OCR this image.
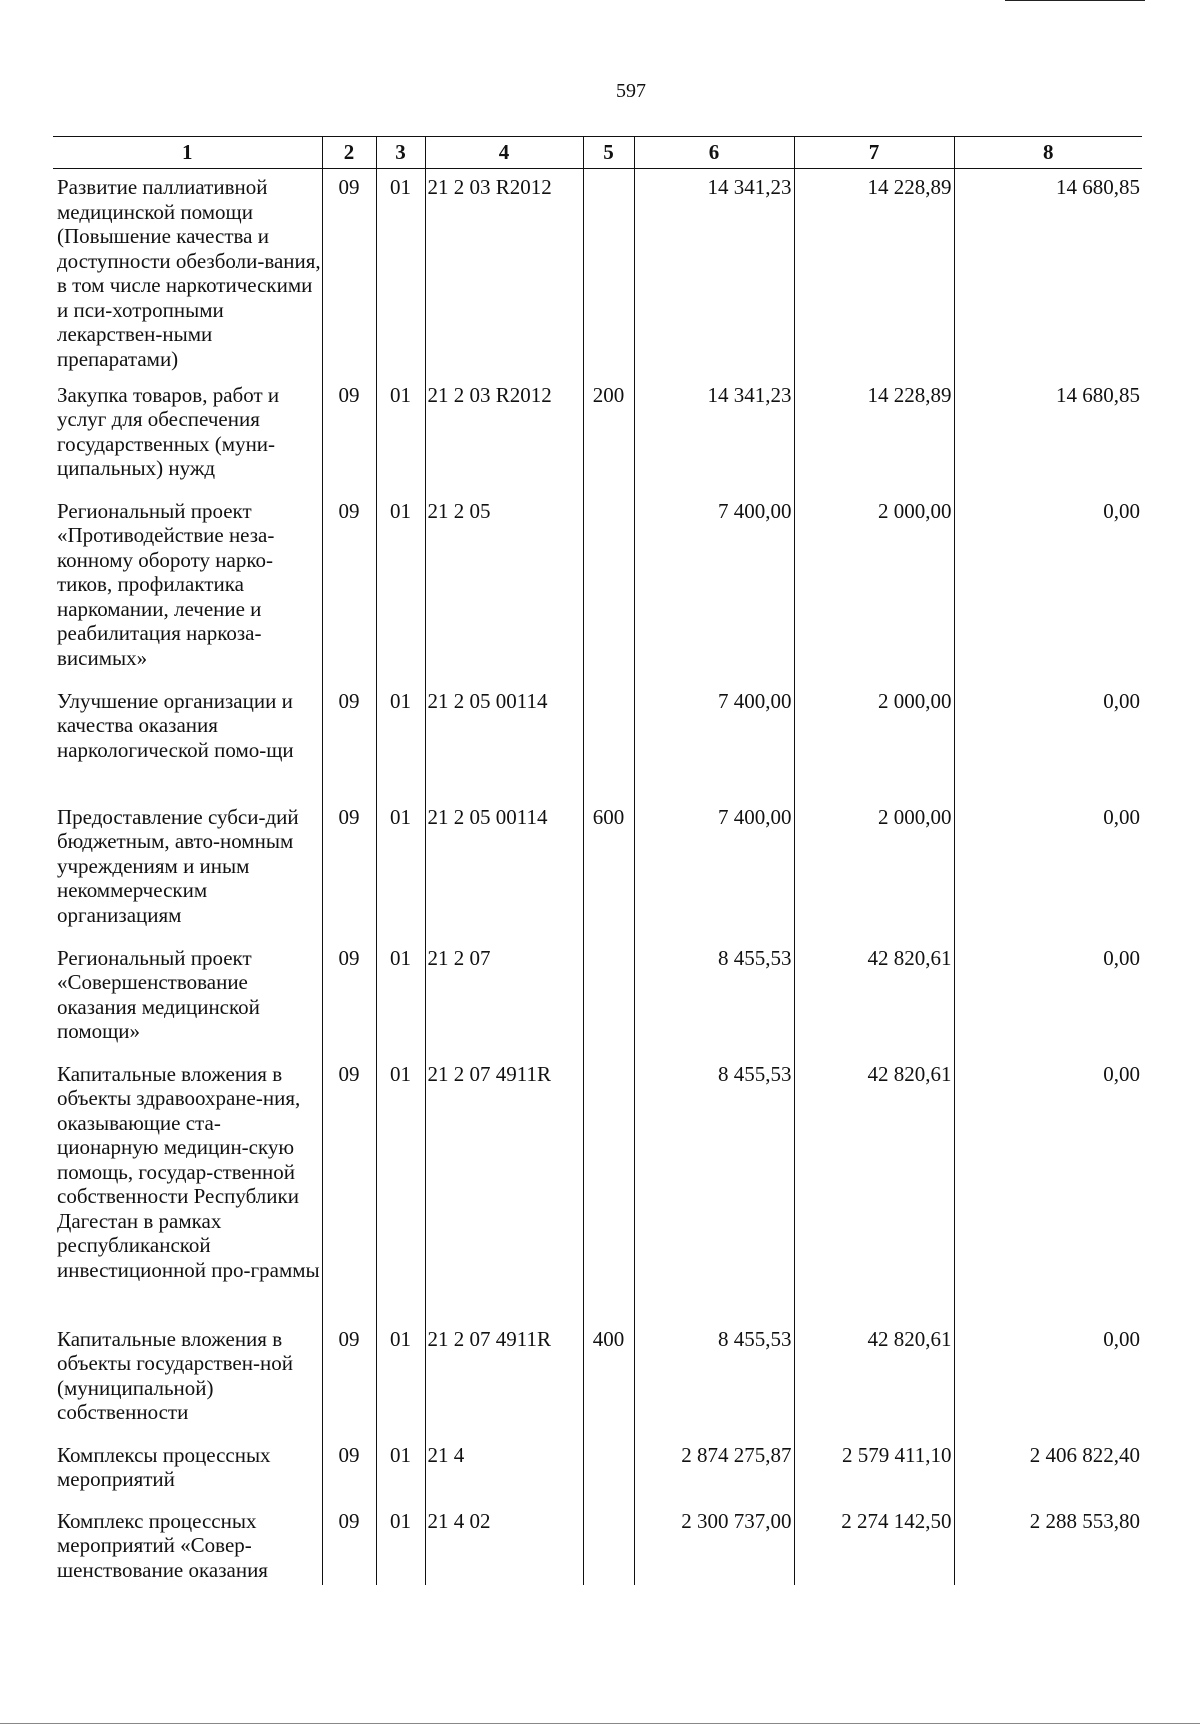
597
1	2	3	4	5	6	7	8
Развитие паллиативной медицинской помощи (Повышение качества и доступности обезболи-вания, в том числе наркотическими и пси-хотропными лекарствен-ными препаратами)	09	01	21 2 03 R2012		14 341,23	14 228,89	14 680,85
Закупка товаров, работ и услуг для обеспечения государственных (муни-ципальных) нужд	09	01	21 2 03 R2012	200	14 341,23	14 228,89	14 680,85
Региональный проект «Противодействие неза-конному обороту нарко-тиков, профилактика наркомании, лечение и реабилитация наркоза-висимых»	09	01	21 2 05		7 400,00	2 000,00	0,00
Улучшение организации и качества оказания наркологической помо-щи	09	01	21 2 05 00114		7 400,00	2 000,00	0,00
Предоставление субси-дий бюджетным, авто-номным учреждениям и иным некоммерческим организациям	09	01	21 2 05 00114	600	7 400,00	2 000,00	0,00
Региональный проект «Совершенствование оказания медицинской помощи»	09	01	21 2 07		8 455,53	42 820,61	0,00
Капитальные вложения в объекты здравоохране-ния, оказывающие ста-ционарную медицин-скую помощь, государ-ственной собственности Республики Дагестан в рамках республиканской инвестиционной про-граммы	09	01	21 2 07 4911R		8 455,53	42 820,61	0,00
Капитальные вложения в объекты государствен-ной (муниципальной) собственности	09	01	21 2 07 4911R	400	8 455,53	42 820,61	0,00
Комплексы процессных мероприятий	09	01	21 4		2 874 275,87	2 579 411,10	2 406 822,40
Комплекс процессных мероприятий «Совер-шенствование оказания	09	01	21 4 02		2 300 737,00	2 274 142,50	2 288 553,80
